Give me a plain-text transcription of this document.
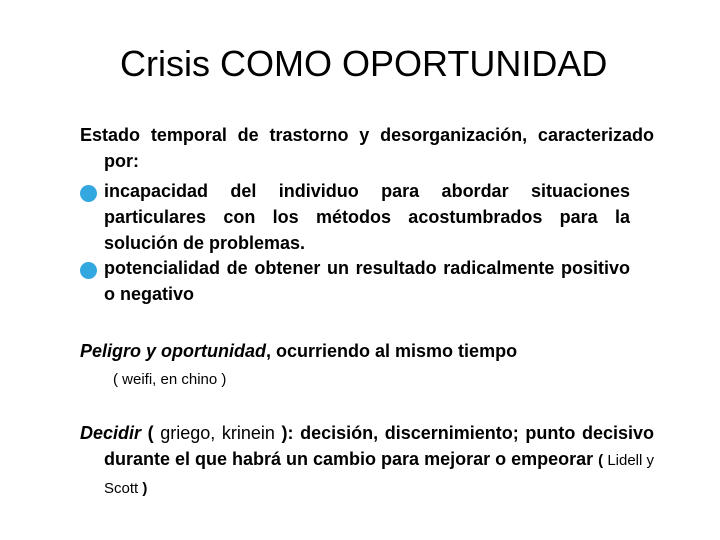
Crisis COMO OPORTUNIDAD
Estado temporal de trastorno y desorganización, caracterizado por:
incapacidad del individuo para abordar situaciones particulares con los métodos acostumbrados para la solución de problemas.
potencialidad de obtener un resultado radicalmente positivo o negativo
Peligro y oportunidad, ocurriendo al mismo tiempo
( weifi, en chino )
Decidir ( griego, krinein ): decisión, discernimiento; punto decisivo durante el que habrá un cambio para mejorar o empeorar ( Lidell y Scott )
